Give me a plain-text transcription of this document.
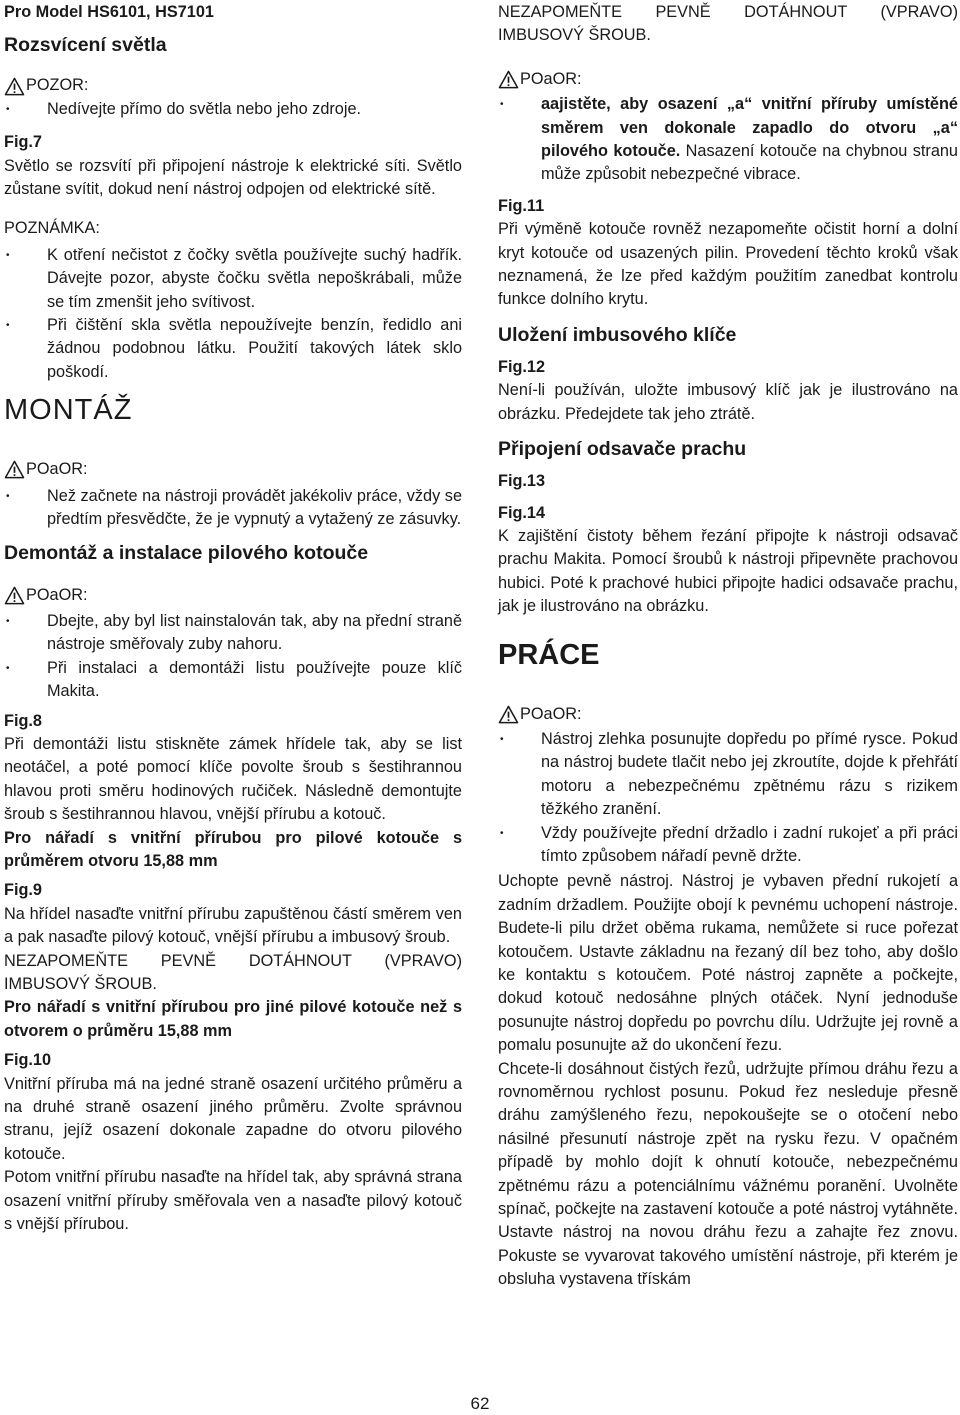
Pro Model HS6101, HS7101
Rozsvícení světla
POZOR:
• Nedívejte přímo do světla nebo jeho zdroje.

Fig.7

Světlo se rozsvítí při připojení nástroje k elektrické síti. Světlo zůstane svítit, dokud není nástroj odpojen od elektrické sítě.

POZNÁMKA:

• K otření nečistot z čočky světla používejte suchý hadřík. Dávejte pozor, abyste čočku světla nepoškrábali, může se tím zmenšit jeho svítivost.
• Při čištění skla světla nepoužívejte benzín, ředidlo ani žádnou podobnou látku. Použití takových látek sklo poškodí.
MONTÁŽ
POaOR:
• Než začnete na nástroji provádět jakékoliv práce, vždy se předtím přesvědčte, že je vypnutý a vytažený ze zásuvky.
Demontáž a instalace pilového kotouče
POaOR:
• Dbejte, aby byl list nainstalován tak, aby na přední straně nástroje směřovaly zuby nahoru.
• Při instalaci a demontáži listu používejte pouze klíč Makita.

Fig.8

Při demontáži listu stiskněte zámek hřídele tak, aby se list neotáčel, a poté pomocí klíče povolte šroub s šestihrannou hlavou proti směru hodinových ručiček. Následně demontujte šroub s šestihrannou hlavou, vnější přírubu a kotouč.

Pro nářadí s vnitřní přírubou pro pilové kotouče s průměrem otvoru 15,88 mm

Fig.9

Na hřídel nasaďte vnitřní přírubu zapuštěnou částí směrem ven a pak nasaďte pilový kotouč, vnější přírubu a imbusový šroub.

NEZAPOMEŇTE PEVNĚ DOTÁHNOUT (VPRAVO) IMBUSOVÝ ŠROUB.

Pro nářadí s vnitřní přírubou pro jiné pilové kotouče než s otvorem o průměru 15,88 mm

Fig.10

Vnitřní příruba má na jedné straně osazení určitého průměru a na druhé straně osazení jiného průměru. Zvolte správnou stranu, jejíž osazení dokonale zapadne do otvoru pilového kotouče.

Potom vnitřní přírubu nasaďte na hřídel tak, aby správná strana osazení vnitřní příruby směřovala ven a nasaďte pilový kotouč s vnější přírubou.

NEZAPOMEŇTE PEVNĚ DOTÁHNOUT (VPRAVO) IMBUSOVÝ ŠROUB.

POaOR:
• aajistěte, aby osazení „a“ vnitřní příruby umístěné směrem ven dokonale zapadlo do otvoru „a“ pilového kotouče. Nasazení kotouče na chybnou stranu může způsobit nebezpečné vibrace.

Fig.11

Při výměně kotouče rovněž nezapomeňte očistit horní a dolní kryt kotouče od usazených pilin. Provedení těchto kroků však neznamená, že lze před každým použitím zanedbat kontrolu funkce dolního krytu.

Uložení imbusového klíče

Fig.12

Není-li používán, uložte imbusový klíč jak je ilustrováno na obrázku. Předejdete tak jeho ztrátě.

Připojení odsavače prachu

Fig.13

Fig.14

K zajištění čistoty během řezání připojte k nástroji odsavač prachu Makita. Pomocí šroubů k nástroji připevněte prachovou hubici. Poté k prachové hubici připojte hadici odsavače prachu, jak je ilustrováno na obrázku.

PRÁCE
POaOR:
• Nástroj zlehka posunujte dopředu po přímé rysce. Pokud na nástroj budete tlačit nebo jej zkroutíte, dojde k přehřátí motoru a nebezpečnému zpětnému rázu s rizikem těžkého zranění.
• Vždy používejte přední držadlo i zadní rukojeť a při práci tímto způsobem nářadí pevně držte.

Uchopte pevně nástroj. Nástroj je vybaven přední rukojetí a zadním držadlem. Použijte obojí k pevnému uchopení nástroje. Budete-li pilu držet oběma rukama, nemůžete si ruce pořezat kotoučem. Ustavte základnu na řezaný díl bez toho, aby došlo ke kontaktu s kotoučem. Poté nástroj zapněte a počkejte, dokud kotouč nedosáhne plných otáček. Nyní jednoduše posunujte nástroj dopředu po povrchu dílu. Udržujte jej rovně a pomalu posunujte až do ukončení řezu.

Chcete-li dosáhnout čistých řezů, udržujte přímou dráhu řezu a rovnoměrnou rychlost posunu. Pokud řez nesleduje přesně dráhu zamýšleného řezu, nepokoušejte se o otočení nebo násilné přesunutí nástroje zpět na rysku řezu. V opačném případě by mohlo dojít k ohnutí kotouče, nebezpečnému zpětnému rázu a potenciálnímu vážnému poranění. Uvolněte spínač, počkejte na zastavení kotouče a poté nástroj vytáhněte. Ustavte nástroj na novou dráhu řezu a zahajte řez znovu. Pokuste se vyvarovat takového umístění nástroje, při kterém je obsluha vystavena třískám

62
